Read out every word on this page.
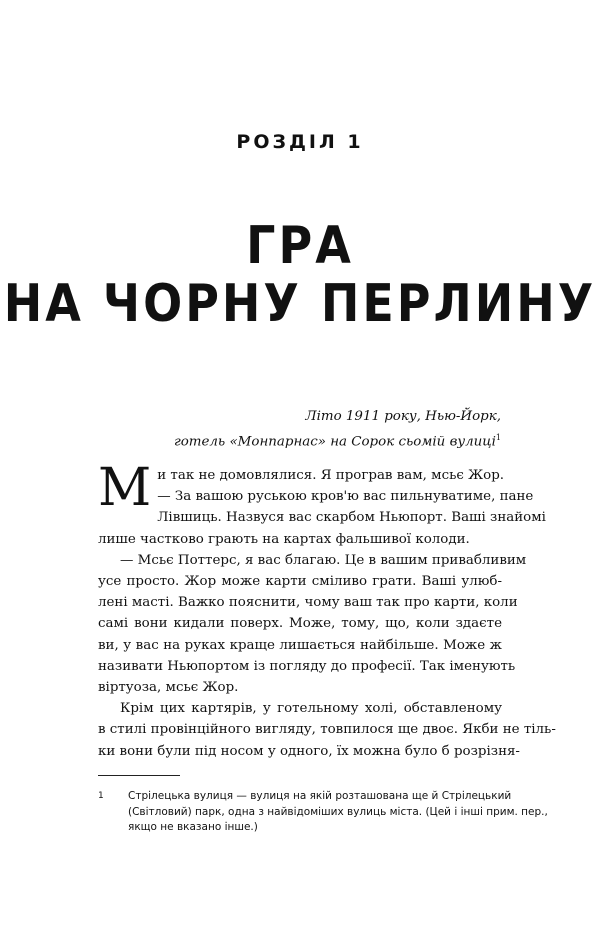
РОЗДІЛ 1
ГРА
НА ЧОРНУ ПЕРЛИНУ
Літо 1911 року, Нью-Йорк,
готель «Монпарнас» на Сорок сьомій вулиці$^1$
М и так не домовлялися. Я програв вам, мсьє Жор.
— За вашою руською кров'ю вас пильнуватиме, пане
Лівшиць. Назвуся вас скарбом Ньюпорт. Ваші знайомі
лише частково грають на картах фальшивої колоди.
— Мсьє Поттерс, я вас благаю. Це в вашим привабливим
усе просто. Жор може карти сміливо грати. Ваші улюб-
лені масті. Важко пояснити, чому ваш так про карти, коли
самі вони кидали поверх. Може, тому, що, коли здаєте
ви, у вас на руках краще лишається найбільше. Може ж
називати Ньюпортом із погляду до професії. Так іменують
віртуоза, мсьє Жор.
Крім цих картярів, у готельному холі, обставленому
в стилі провінційного вигляду, товпилося ще двоє. Якби не тіль-
ки вони були під носом у одного, їх можна було б розрізня-
1 Стрілецька вулиця — вулиця на якій розташована ще й Стрілецький
(Світловий) парк, одна з найвідоміших вулиць міста. (Цей і інші прим. пер.,
якщо не вказано інше.)
